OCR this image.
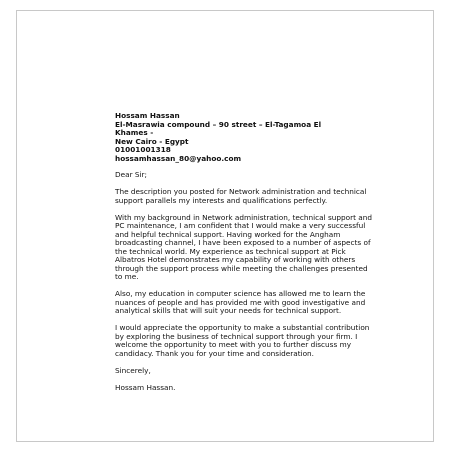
Hossam Hassan
El-Masrawia compound – 90 street – El-Tagamoa El
Khames -
New Cairo - Egypt
01001001318
hossamhassan_80@yahoo.com

Dear Sir;

The description you posted for Network administration and technical support parallels my interests and qualifications perfectly.

With my background in Network administration, technical support and PC maintenance, I am confident that I would make a very successful and helpful technical support. Having worked for the Angham broadcasting channel, I have been exposed to a number of aspects of the technical world. My experience as technical support at Pick Albatros Hotel demonstrates my capability of working with others through the support process while meeting the challenges presented to me.

Also, my education in computer science has allowed me to learn the nuances of people and has provided me with good investigative and analytical skills that will suit your needs for technical support.

I would appreciate the opportunity to make a substantial contribution by exploring the business of technical support through your firm. I welcome the opportunity to meet with you to further discuss my candidacy. Thank you for your time and consideration.

Sincerely,

Hossam Hassan.
